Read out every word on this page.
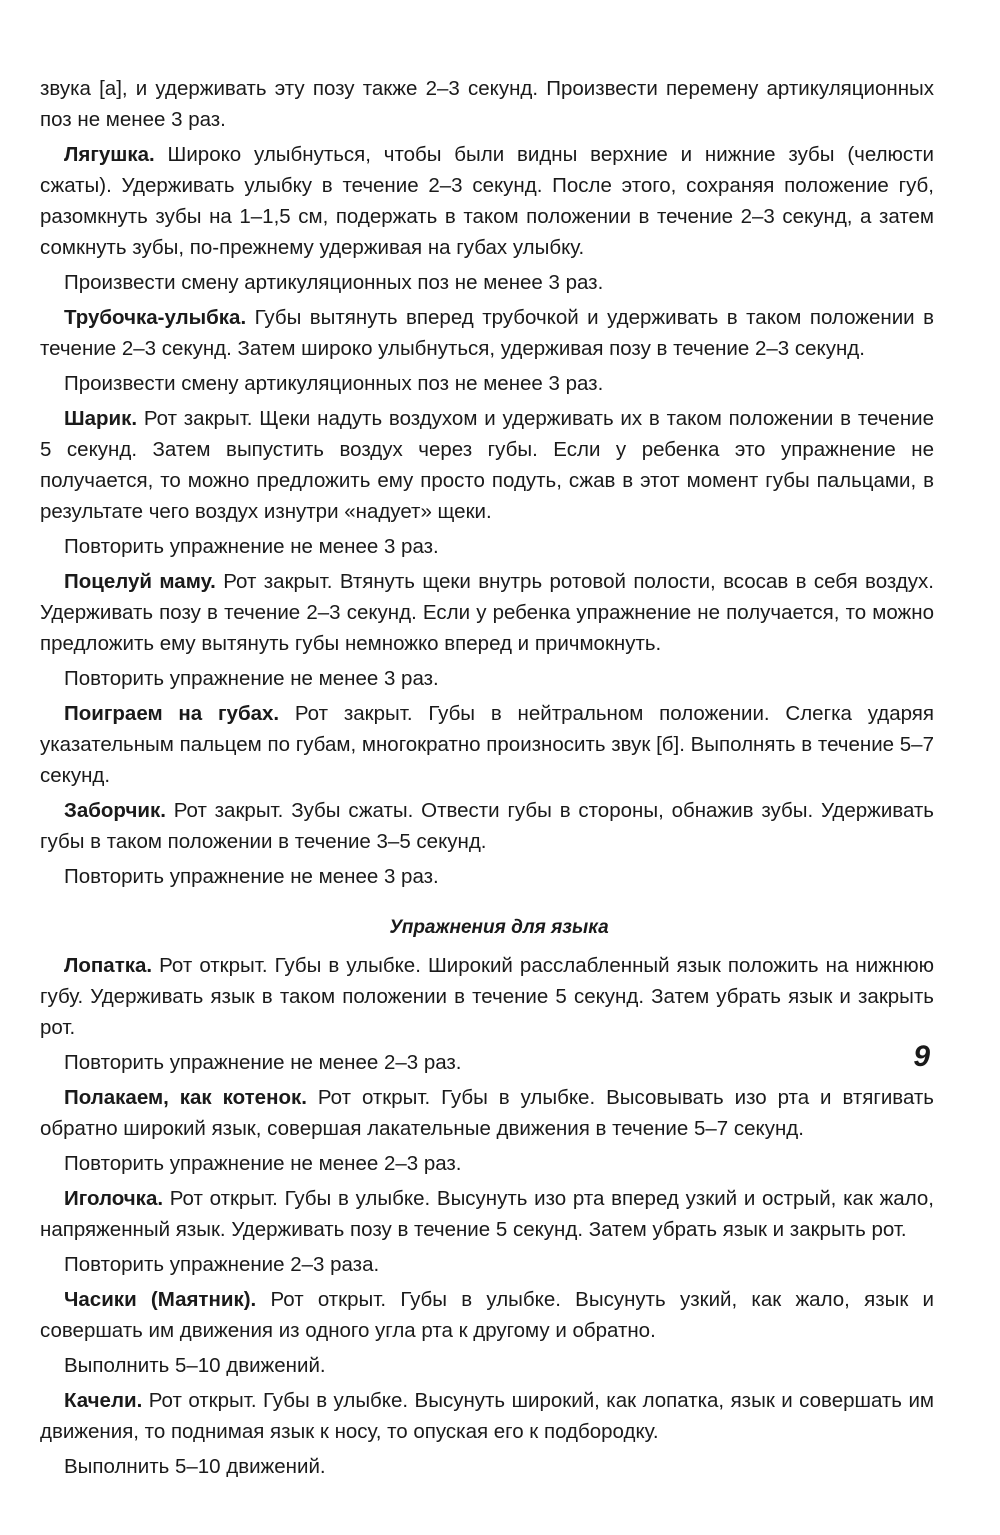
звука [а], и удерживать эту позу также 2–3 секунд. Произвести перемену артикуляционных поз не менее 3 раз.

Лягушка. Широко улыбнуться, чтобы были видны верхние и нижние зубы (челюсти сжаты). Удерживать улыбку в течение 2–3 секунд. После этого, сохраняя положение губ, разомкнуть зубы на 1–1,5 см, подержать в таком положении в течение 2–3 секунд, а затем сомкнуть зубы, по-прежнему удерживая на губах улыбку.

Произвести смену артикуляционных поз не менее 3 раз.

Трубочка-улыбка. Губы вытянуть вперед трубочкой и удерживать в таком положении в течение 2–3 секунд. Затем широко улыбнуться, удерживая позу в течение 2–3 секунд.

Произвести смену артикуляционных поз не менее 3 раз.

Шарик. Рот закрыт. Щеки надуть воздухом и удерживать их в таком положении в течение 5 секунд. Затем выпустить воздух через губы. Если у ребенка это упражнение не получается, то можно предложить ему просто подуть, сжав в этот момент губы пальцами, в результате чего воздух изнутри «надует» щеки.

Повторить упражнение не менее 3 раз.

Поцелуй маму. Рот закрыт. Втянуть щеки внутрь ротовой полости, всосав в себя воздух. Удерживать позу в течение 2–3 секунд. Если у ребенка упражнение не получается, то можно предложить ему вытянуть губы немножко вперед и причмокнуть.

Повторить упражнение не менее 3 раз.

Поиграем на губах. Рот закрыт. Губы в нейтральном положении. Слегка ударяя указательным пальцем по губам, многократно произносить звук [б]. Выполнять в течение 5–7 секунд.

Заборчик. Рот закрыт. Зубы сжаты. Отвести губы в стороны, обнажив зубы. Удерживать губы в таком положении в течение 3–5 секунд.

Повторить упражнение не менее 3 раз.

Упражнения для языка

Лопатка. Рот открыт. Губы в улыбке. Широкий расслабленный язык положить на нижнюю губу. Удерживать язык в таком положении в течение 5 секунд. Затем убрать язык и закрыть рот.

Повторить упражнение не менее 2–3 раз.

Полакаем, как котенок. Рот открыт. Губы в улыбке. Высовывать изо рта и втягивать обратно широкий язык, совершая лакательные движения в течение 5–7 секунд.

Повторить упражнение не менее 2–3 раз.

Иголочка. Рот открыт. Губы в улыбке. Высунуть изо рта вперед узкий и острый, как жало, напряженный язык. Удерживать позу в течение 5 секунд. Затем убрать язык и закрыть рот.

Повторить упражнение 2–3 раза.

Часики (Маятник). Рот открыт. Губы в улыбке. Высунуть узкий, как жало, язык и совершать им движения из одного угла рта к другому и обратно.

Выполнить 5–10 движений.

Качели. Рот открыт. Губы в улыбке. Высунуть широкий, как лопатка, язык и совершать им движения, то поднимая язык к носу, то опуская его к подбородку.

Выполнить 5–10 движений.

9
